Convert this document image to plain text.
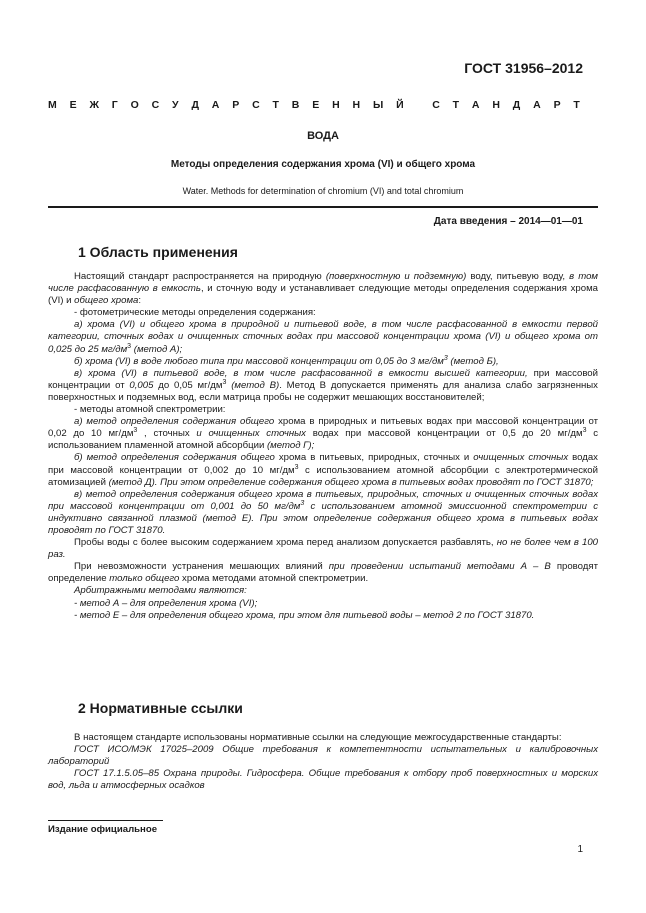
ГОСТ 31956–2012
М Е Ж Г О С У Д А Р С Т В Е Н Н Ы Й
	С Т А Н Д А Р Т
ВОДА
Методы определения содержания хрома (VI) и общего хрома
Water. Methods for determination of chromium (VI) and total chromium
Дата введения – 2014—01—01
1 Область применения

Настоящий стандарт распространяется на природную (поверхностную и подземную) воду, питьевую воду, в том числе расфасованную в емкость, и сточную воду и устанавливает следующие методы определения содержания хрома (VI) и общего хрома:

- фотометрические методы определения содержания:

а) хрома (VI) и общего хрома в природной и питьевой воде, в том числе расфасованной в емкости первой категории, сточных водах и очищенных сточных водах при массовой концентрации хрома (VI) и общего хрома от 0,025 до 25 $мг/дм^3$ (метод А);

б) хрома (VI) в воде любого типа при массовой концентрации от 0,05 до 3 $мг/дм^3$ (метод Б),

в) хрома (VI) в питьевой воде, в том числе расфасованной в емкости высшей категории, при массовой концентрации от 0,005 до 0,05 $мг/дм^3$ (метод В). Метод В допускается применять для анализа слабо загрязненных поверхностных и подземных вод, если матрица пробы не содержит мешающих восстановителей;

- методы атомной спектрометрии:

а) метод определения содержания общего хрома в природных и питьевых водах при массовой концентрации от 0,02 до 10 $мг/дм^3$ , сточных и очищенных сточных водах при массовой концентрации от 0,5 до 20 $мг/дм^3$ с использованием пламенной атомной абсорбции (метод Г);

б) метод определения содержания общего хрома в питьевых, природных, сточных и очищенных сточных водах при массовой концентрации от 0,002 до 10 $мг/дм^3$ с использованием атомной абсорбции с электротермической атомизацией (метод Д). При этом определение содержания общего хрома в питьевых водах проводят по ГОСТ 31870;

в) метод определения содержания общего хрома в питьевых, природных, сточных и очищенных сточных водах при массовой концентрации от 0,001 до 50 $мг/дм^3$ с использованием атомной эмиссионной спектрометрии с индуктивно связанной плазмой (метод Е). При этом определение содержания общего хрома в питьевых водах проводят по ГОСТ 31870.

Пробы воды с более высоким содержанием хрома перед анализом допускается разбавлять, но не более чем в 100 раз.

При невозможности устранения мешающих влияний при проведении испытаний методами А – В проводят определение только общего хрома методами атомной спектрометрии.

Арбитражными методами являются:

- метод А – для определения хрома (VI);

- метод Е – для определения общего хрома, при этом для питьевой воды – метод 2 по ГОСТ 31870.

2 Нормативные ссылки

В настоящем стандарте использованы нормативные ссылки на следующие межгосударственные стандарты:

ГОСТ ИСО/МЭК 17025–2009 Общие требования к компетентности испытательных и калибровочных лабораторий

ГОСТ 17.1.5.05–85 Охрана природы. Гидросфера. Общие требования к отбору проб поверхностных и морских вод, льда и атмосферных осадков

Издание официальное
1
